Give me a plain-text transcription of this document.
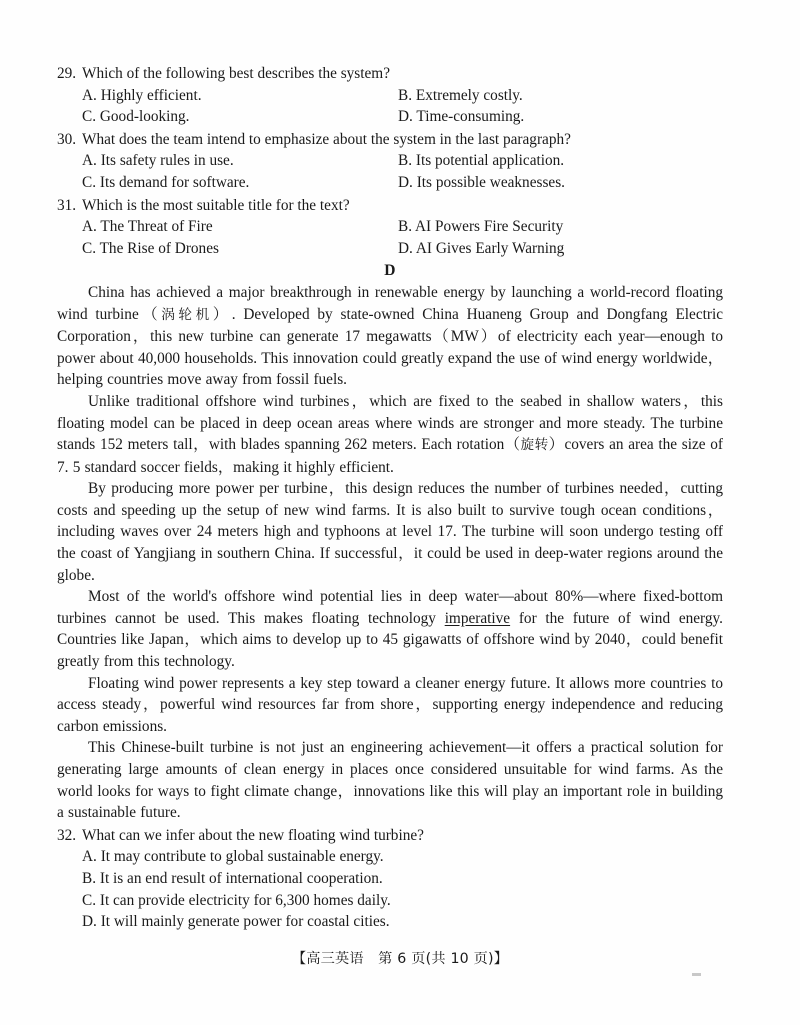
29. Which of the following best describes the system?
A. Highly efficient.	B. Extremely costly.
C. Good-looking.	D. Time-consuming.
30. What does the team intend to emphasize about the system in the last paragraph?
A. Its safety rules in use.	B. Its potential application.
C. Its demand for software.	D. Its possible weaknesses.
31. Which is the most suitable title for the text?
A. The Threat of Fire	B. AI Powers Fire Security
C. The Rise of Drones	D. AI Gives Early Warning
D

China has achieved a major breakthrough in renewable energy by launching a world-record floating wind turbine（涡轮机）. Developed by state-owned China Huaneng Group and Dongfang Electric Corporation，this new turbine can generate 17 megawatts（MW）of electricity each year—enough to power about 40,000 households. This innovation could greatly expand the use of wind energy worldwide，helping countries move away from fossil fuels.

Unlike traditional offshore wind turbines，which are fixed to the seabed in shallow waters，this floating model can be placed in deep ocean areas where winds are stronger and more steady. The turbine stands 152 meters tall，with blades spanning 262 meters. Each rotation（旋转）covers an area the size of 7. 5 standard soccer fields，making it highly efficient.

By producing more power per turbine，this design reduces the number of turbines needed，cutting costs and speeding up the setup of new wind farms. It is also built to survive tough ocean conditions，including waves over 24 meters high and typhoons at level 17. The turbine will soon undergo testing off the coast of Yangjiang in southern China. If successful，it could be used in deep-water regions around the globe.

Most of the world's offshore wind potential lies in deep water—about 80%—where fixed-bottom turbines cannot be used. This makes floating technology imperative for the future of wind energy. Countries like Japan，which aims to develop up to 45 gigawatts of offshore wind by 2040，could benefit greatly from this technology.

Floating wind power represents a key step toward a cleaner energy future. It allows more countries to access steady，powerful wind resources far from shore，supporting energy independence and reducing carbon emissions.

This Chinese-built turbine is not just an engineering achievement—it offers a practical solution for generating large amounts of clean energy in places once considered unsuitable for wind farms. As the world looks for ways to fight climate change，innovations like this will play an important role in building a sustainable future.

32. What can we infer about the new floating wind turbine?
A. It may contribute to global sustainable energy.
B. It is an end result of international cooperation.
C. It can provide electricity for 6,300 homes daily.
D. It will mainly generate power for coastal cities.
【高三英语　第 6 页(共 10 页)】
